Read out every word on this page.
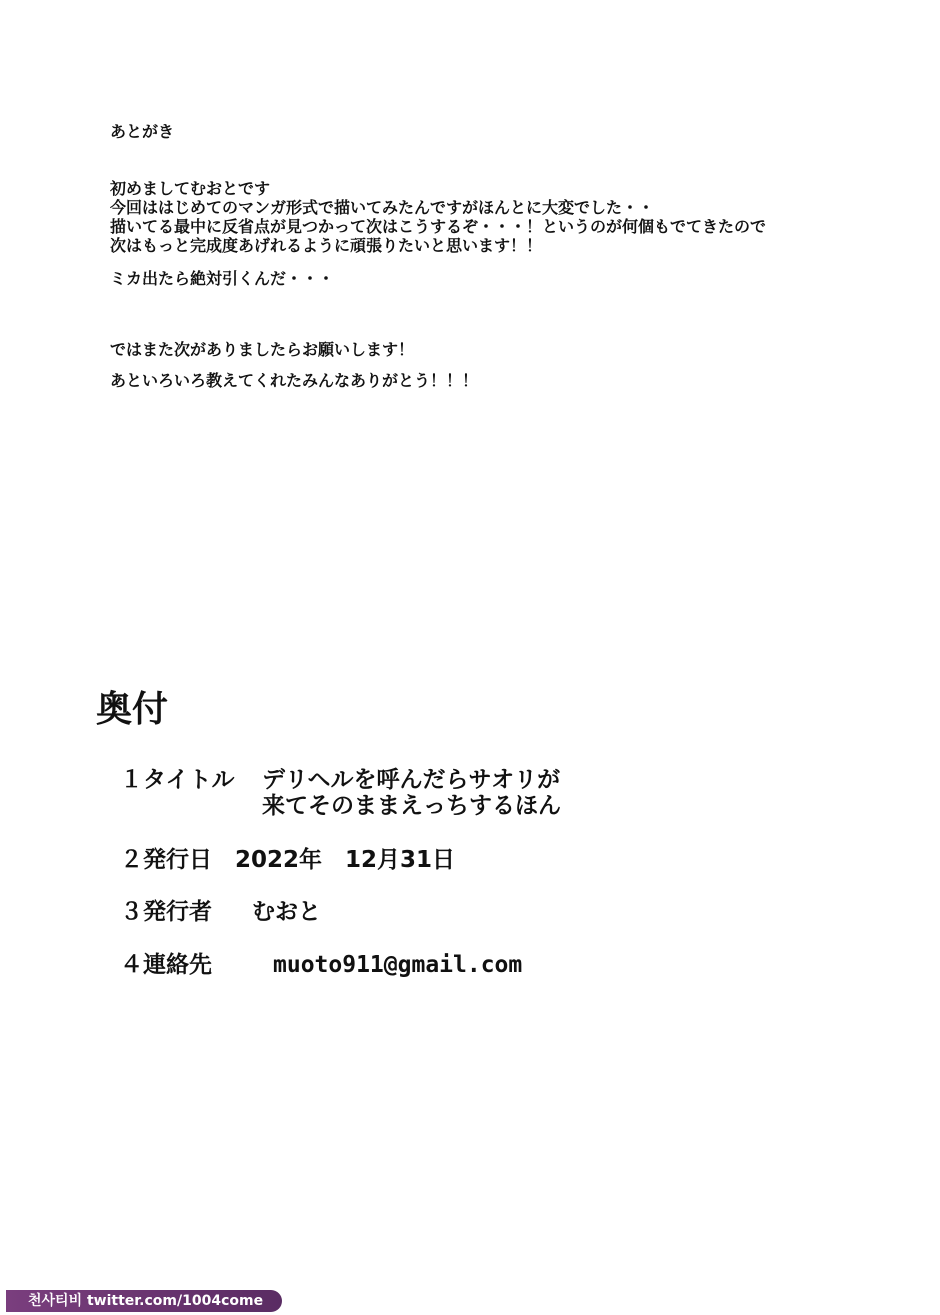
あとがき

初めましてむおとです

今回ははじめてのマンガ形式で描いてみたんですがほんとに大変でした・・

描いてる最中に反省点が見つかって次はこうするぞ・・・！というのが何個もでてきたので

次はもっと完成度あげれるように頑張りたいと思います！！

ミカ出たら絶対引くんだ・・・

ではまた次がありましたらお願いします！

あといろいろ教えてくれたみんなありがとう！！！

奥付
１タイトル デリヘルを呼んだらサオリが
来てそのままえっちするほん
２発行日 2022年　12月31日
３発行者 むおと
４連絡先	muoto911@gmail.com
천사티비 twitter.com/1004come
